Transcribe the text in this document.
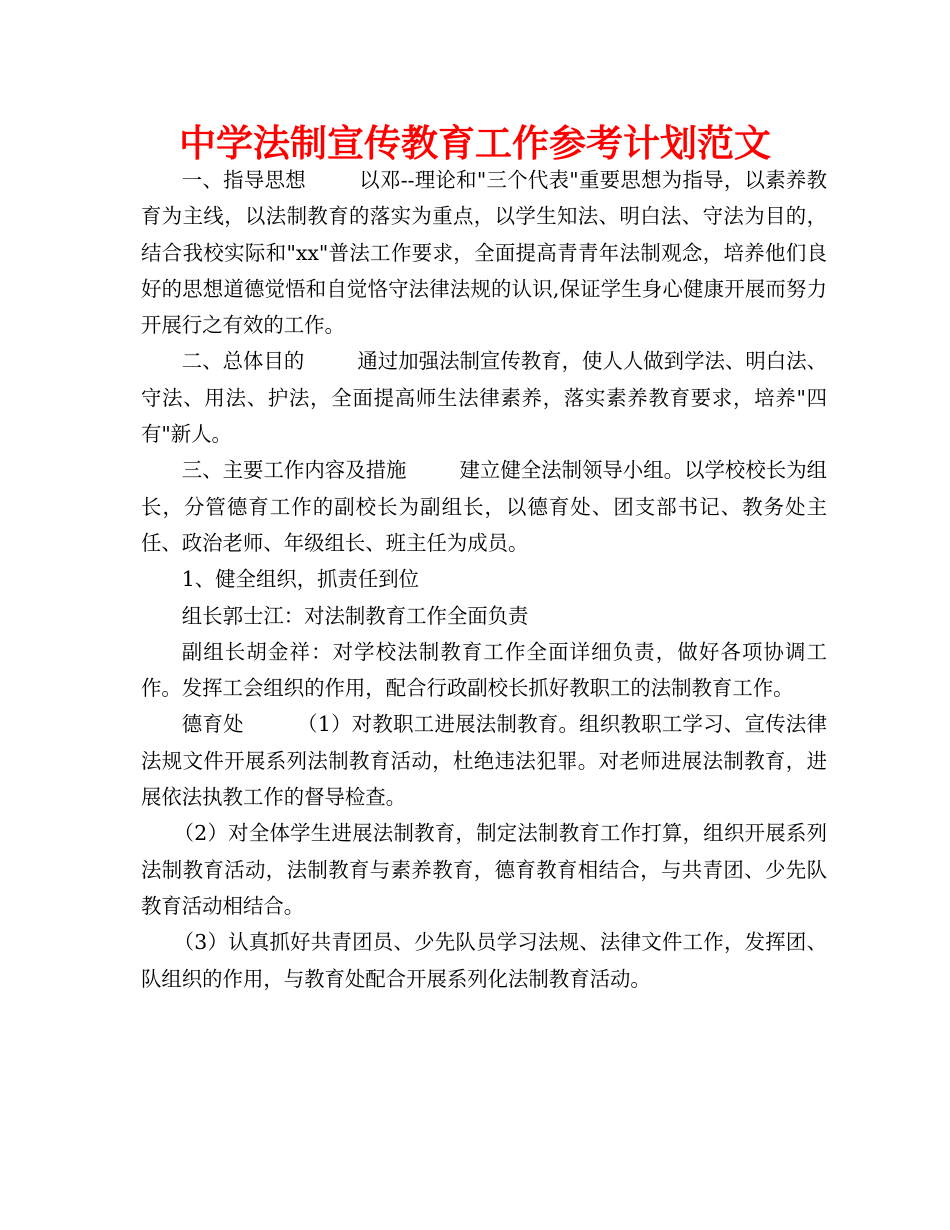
中学法制宣传教育工作参考计划范文

一、指导思想	以邓--理论和"三个代表"重要思想为指导，以素养教育为主线，以法制教育的落实为重点，以学生知法、明白法、守法为目的，结合我校实际和"xx"普法工作要求，全面提高青青年法制观念，培养他们良好的思想道德觉悟和自觉恪守法律法规的认识,保证学生身心健康开展而努力开展行之有效的工作。

二、总体目的	通过加强法制宣传教育，使人人做到学法、明白法、守法、用法、护法，全面提高师生法律素养，落实素养教育要求，培养"四有"新人。

三、主要工作内容及措施	建立健全法制领导小组。以学校校长为组长，分管德育工作的副校长为副组长，以德育处、团支部书记、教务处主任、政治老师、年级组长、班主任为成员。

1、健全组织，抓责任到位

组长郭士江：对法制教育工作全面负责

副组长胡金祥：对学校法制教育工作全面详细负责，做好各项协调工作。发挥工会组织的作用，配合行政副校长抓好教职工的法制教育工作。

德育处	（1）对教职工进展法制教育。组织教职工学习、宣传法律法规文件开展系列法制教育活动，杜绝违法犯罪。对老师进展法制教育，进展依法执教工作的督导检查。

（2）对全体学生进展法制教育，制定法制教育工作打算，组织开展系列法制教育活动，法制教育与素养教育，德育教育相结合，与共青团、少先队教育活动相结合。

（3）认真抓好共青团员、少先队员学习法规、法律文件工作，发挥团、队组织的作用，与教育处配合开展系列化法制教育活动。
